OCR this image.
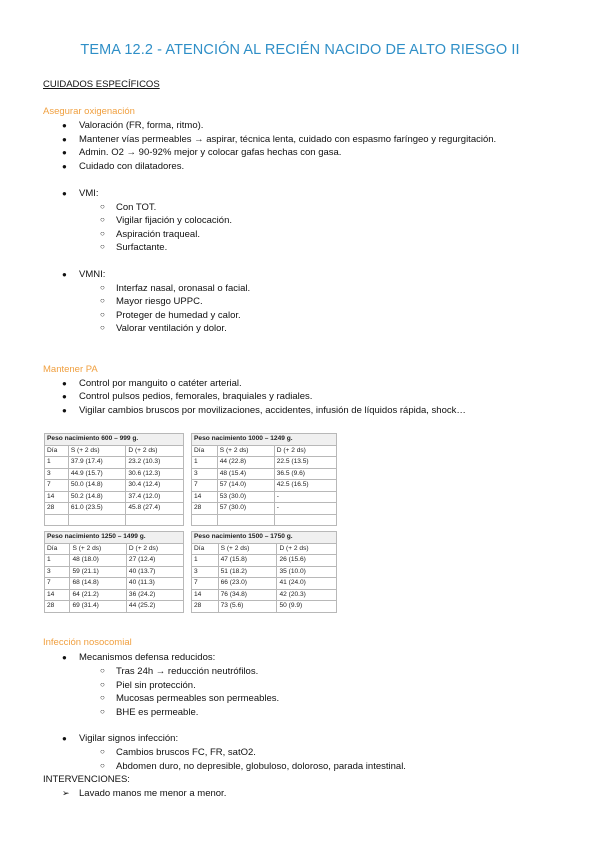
TEMA 12.2 - ATENCIÓN AL RECIÉN NACIDO DE ALTO RIESGO II
CUIDADOS ESPECÍFICOS
Asegurar oxigenación
● Valoración (FR, forma, ritmo).
● Mantener vías permeables → aspirar, técnica lenta, cuidado con espasmo faríngeo y regurgitación.
● Admin. O2 → 90-92% mejor y colocar gafas hechas con gasa.
● Cuidado con dilatadores.
● VMI:
○ Con TOT.
○ Vigilar fijación y colocación.
○ Aspiración traqueal.
○ Surfactante.
● VMNI:
○ Interfaz nasal, oronasal o facial.
○ Mayor riesgo UPPC.
○ Proteger de humedad y calor.
○ Valorar ventilación y dolor.
Mantener PA
● Control por manguito o catéter arterial.
● Control pulsos pedios, femorales, braquiales y radiales.
● Vigilar cambios bruscos por movilizaciones, accidentes, infusión de líquidos rápida, shock…
Peso nacimiento 600 – 999 g.		
Día	S (+ 2 ds)	D (+ 2 ds)
1	37.9 (17.4)	23.2 (10.3)
3	44.9 (15.7)	30.6 (12.3)
7	50.0 (14.8)	30.4 (12.4)
14	50.2 (14.8)	37.4 (12.0)
28	61.0 (23.5)	45.8 (27.4)

Peso nacimiento 1000 – 1249 g.		
Día	S (+ 2 ds)	D (+ 2 ds)
1	44 (22.8)	22.5 (13.5)
3	48 (15.4)	36.5 (9.6)
7	57 (14.0)	42.5 (16.5)
14	53 (30.0)	-
28	57 (30.0)	-

Peso nacimiento 1250 – 1499 g.		
Día	S (+ 2 ds)	D (+ 2 ds)
1	48 (18.0)	27 (12.4)
3	59 (21.1)	40 (13.7)
7	68 (14.8)	40 (11.3)
14	64 (21.2)	36 (24.2)
28	69 (31.4)	44 (25.2)
Peso nacimiento 1500 – 1750 g.		
Día	S (+ 2 ds)	D (+ 2 ds)
1	47 (15.8)	26 (15.6)
3	51 (18.2)	35 (10.0)
7	66 (23.0)	41 (24.0)
14	76 (34.8)	42 (20.3)
28	73 (5.6)	50 (9.9)
Infección nosocomial
● Mecanismos defensa reducidos:
○ Tras 24h → reducción neutrófilos.
○ Piel sin protección.
○ Mucosas permeables son permeables.
○ BHE es permeable.
● Vigilar signos infección:
○ Cambios bruscos FC, FR, satO2.
○ Abdomen duro, no depresible, globuloso, doloroso, parada intestinal.
INTERVENCIONES:
➢ Lavado manos me menor a menor.
